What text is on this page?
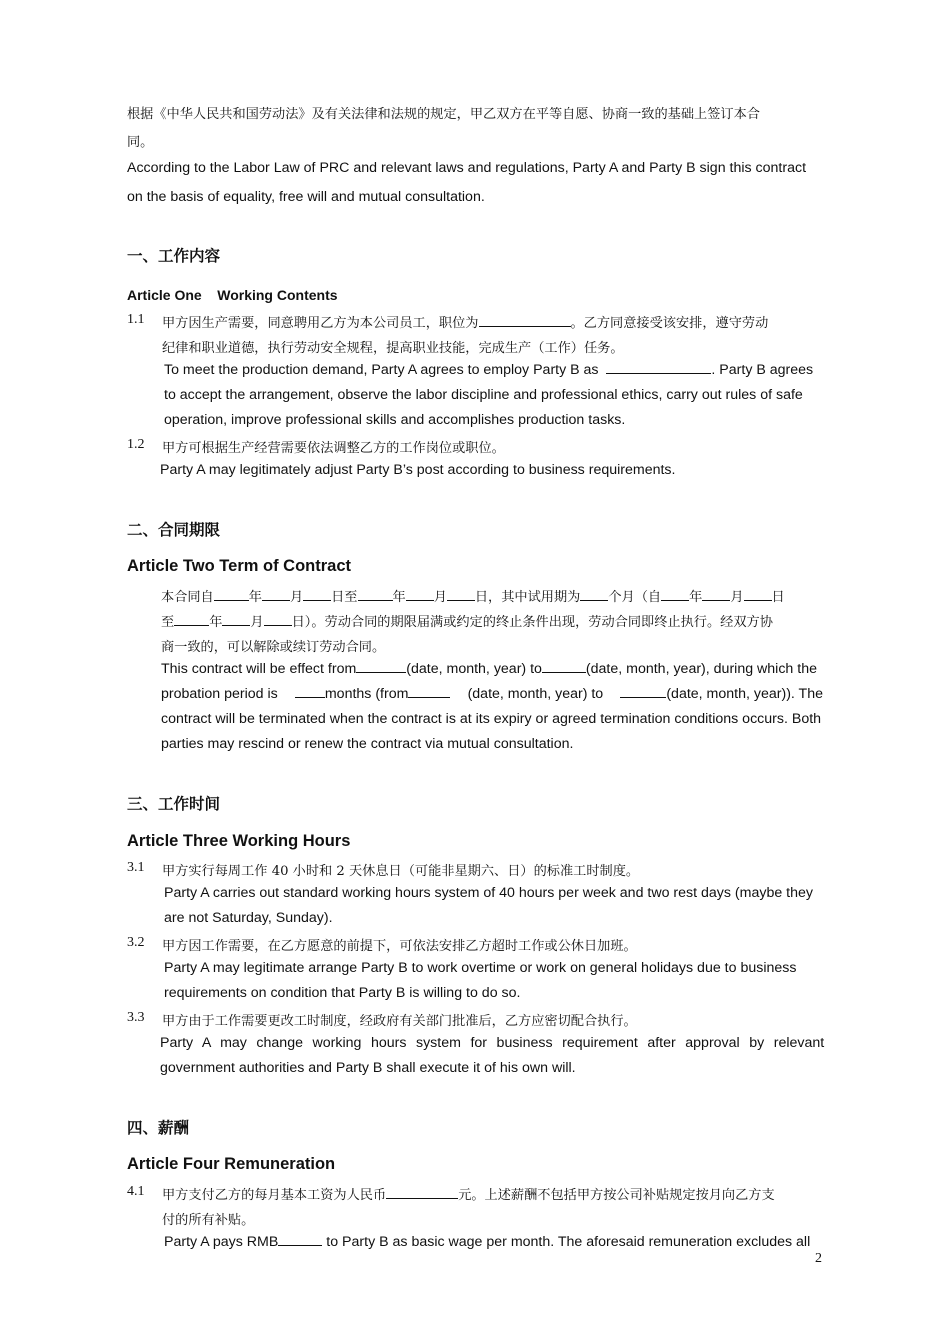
根据《中华人民共和国劳动法》及有关法律和法规的规定，甲乙双方在平等自愿、协商一致的基础上签订本合
同。
According to the Labor Law of PRC and relevant laws and regulations, Party A and Party B sign this contract
on the basis of equality, free will and mutual consultation.
一、工作内容
Article One    Working Contents
1.1 甲方因生产需要，同意聘用乙方为本公司员工，职位为	。乙方同意接受该安排，遵守劳动
纪律和职业道德，执行劳动安全规程，提高职业技能，完成生产（工作）任务。
To meet the production demand, Party A agrees to employ Party B as	. Party B agrees
to accept the arrangement, observe the labor discipline and professional ethics, carry out rules of safe
operation, improve professional skills and accomplishes production tasks.
1.2 甲方可根据生产经营需要依法调整乙方的工作岗位或职位。
Party A may legitimately adjust Party B’s post according to business requirements.
二、合同期限
Article Two Term of Contract
本合同自	年 月 日至	年 月 日，其中试用期为 个月（自 年 月 日
至	年 月 日）。劳动合同的期限届满或约定的终止条件出现，劳动合同即终止执行。经双方协
商一致的，可以解除或续订劳动合同。
This contract will be effect from	(date, month, year) to	(date, month, year), during which the
probation period is	months (from	(date, month, year) to	(date, month, year)). The
contract will be terminated when the contract is at its expiry or agreed termination conditions occurs. Both
parties may rescind or renew the contract via mutual consultation.
三、工作时间
Article Three Working Hours
3.1 甲方实行每周工作 40 小时和 2 天休息日（可能非星期六、日）的标准工时制度。
Party A carries out standard working hours system of 40 hours per week and two rest days (maybe they
are not Saturday, Sunday).
3.2 甲方因工作需要，在乙方愿意的前提下，可依法安排乙方超时工作或公休日加班。
Party A may legitimate arrange Party B to work overtime or work on general holidays due to business
requirements on condition that Party B is willing to do so.
3.3 甲方由于工作需要更改工时制度，经政府有关部门批准后，乙方应密切配合执行。
Party A may change working hours system for business requirement after approval by relevant
government authorities and Party B shall execute it of his own will.
四、薪酬
Article Four Remuneration
4.1 甲方支付乙方的每月基本工资为人民币	元。上述薪酬不包括甲方按公司补贴规定按月向乙方支
付的所有补贴。
Party A pays RMB	to Party B as basic wage per month. The aforesaid remuneration excludes all
2
